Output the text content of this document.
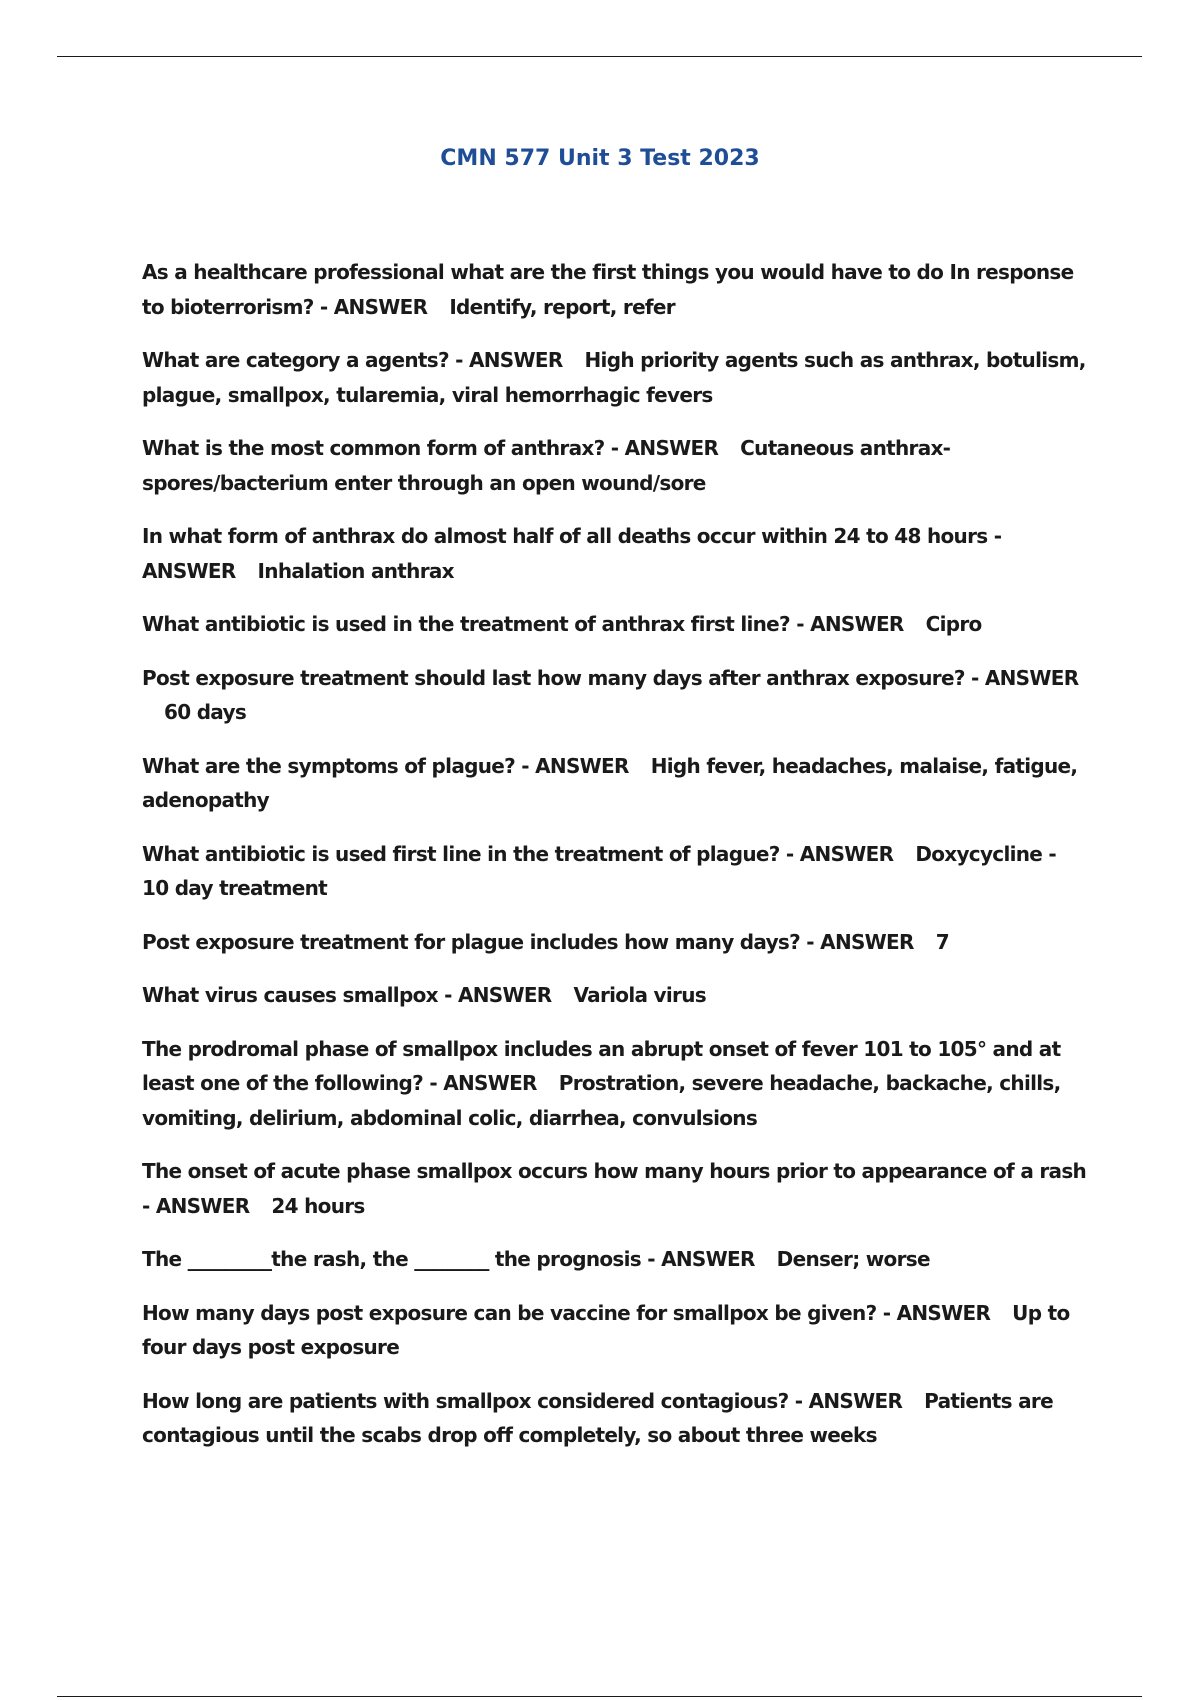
CMN 577 Unit 3 Test 2023

As a healthcare professional what are the first things you would have to do In response to bioterrorism? - ANSWER Identify, report, refer

What are category a agents? - ANSWER High priority agents such as anthrax, botulism, plague, smallpox, tularemia, viral hemorrhagic fevers

What is the most common form of anthrax? - ANSWER Cutaneous anthrax-spores/bacterium enter through an open wound/sore

In what form of anthrax do almost half of all deaths occur within 24 to 48 hours - ANSWER Inhalation anthrax

What antibiotic is used in the treatment of anthrax first line? - ANSWER Cipro

Post exposure treatment should last how many days after anthrax exposure? - ANSWER60 days

What are the symptoms of plague? - ANSWER High fever, headaches, malaise, fatigue, adenopathy

What antibiotic is used first line in the treatment of plague? - ANSWER Doxycycline - 10 day treatment

Post exposure treatment for plague includes how many days? - ANSWER 7

What virus causes smallpox - ANSWER Variola virus

The prodromal phase of smallpox includes an abrupt onset of fever 101 to 105° and at least one of the following? - ANSWER Prostration, severe headache, backache, chills, vomiting, delirium, abdominal colic, diarrhea, convulsions

The onset of acute phase smallpox occurs how many hours prior to appearance of a rash - ANSWER 24 hours

The _________the rash, the ________ the prognosis - ANSWER Denser; worse

How many days post exposure can be vaccine for smallpox be given? - ANSWER Up to four days post exposure

How long are patients with smallpox considered contagious? - ANSWER Patients are contagious until the scabs drop off completely, so about three weeks
